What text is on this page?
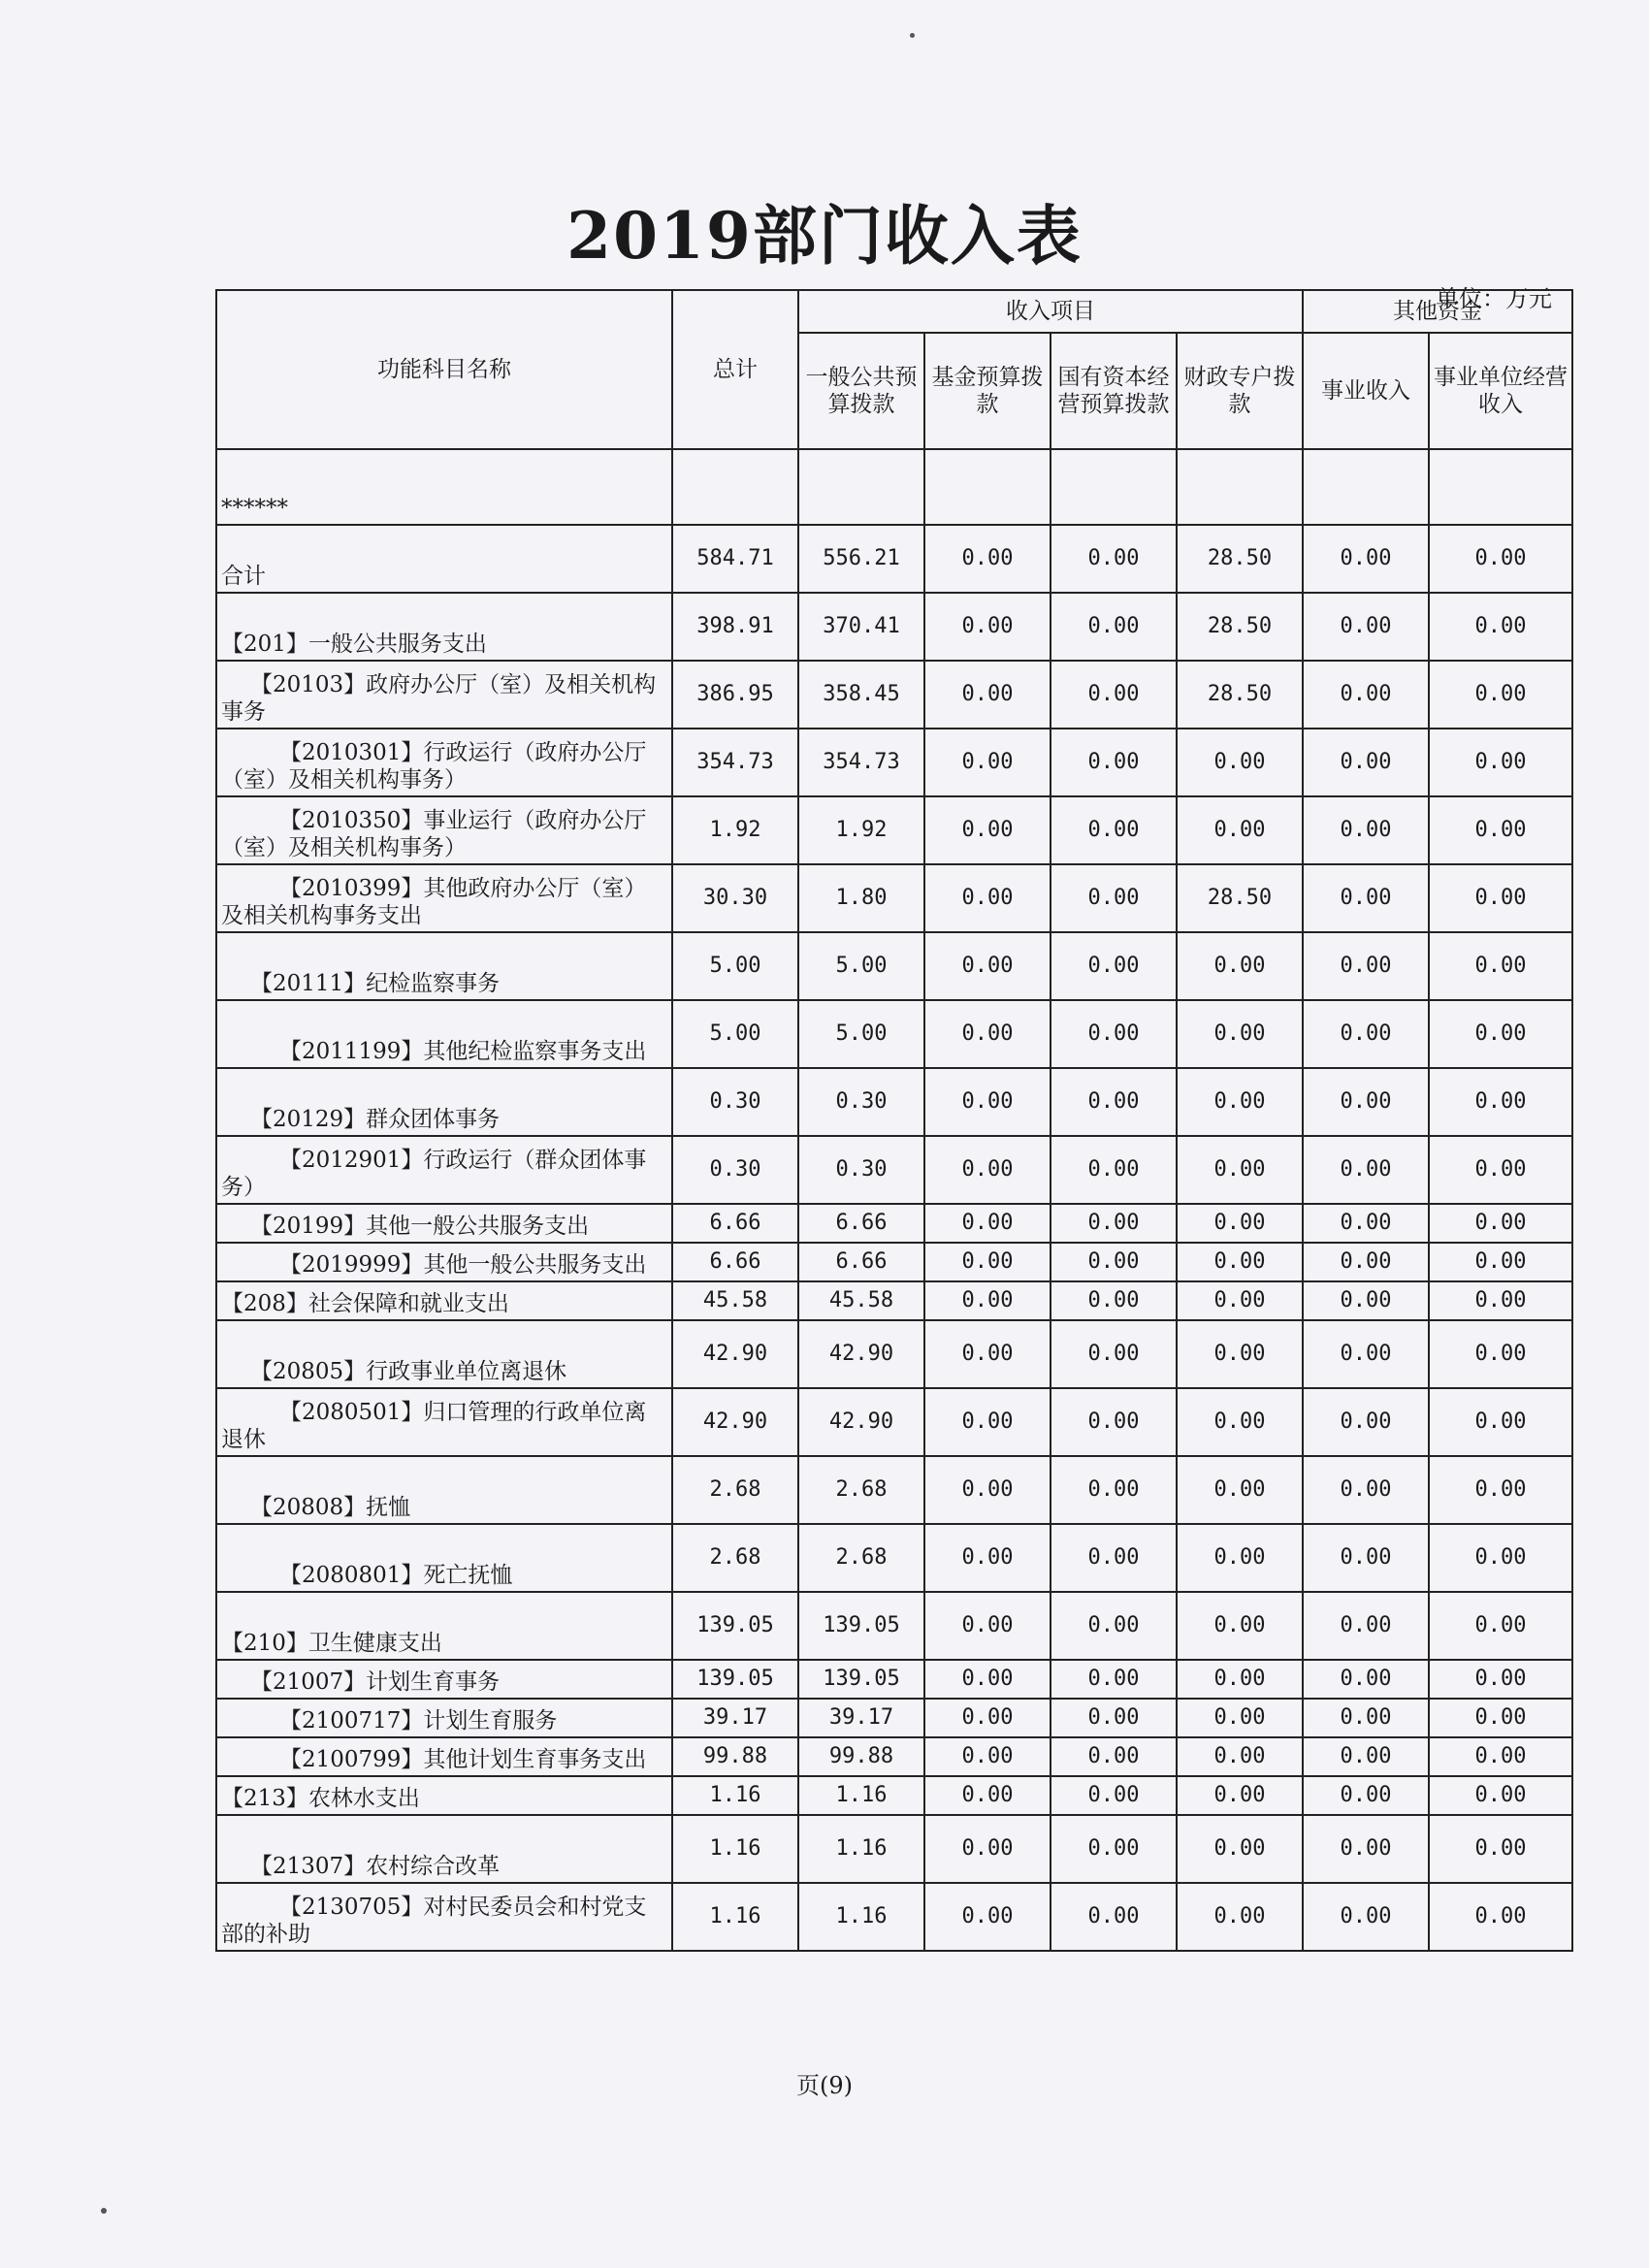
2019部门收入表
单位：万元
功能科目名称	总计	收入项目				其他资金	
		一般公共预算拨款	基金预算拨款	国有资本经营预算拨款	财政专户拨款	事业收入	事业单位经营收入
******							
合计	584.71	556.21	0.00	0.00	28.50	0.00	0.00
【201】一般公共服务支出	398.91	370.41	0.00	0.00	28.50	0.00	0.00
【20103】政府办公厅（室）及相关机构事务	386.95	358.45	0.00	0.00	28.50	0.00	0.00
【2010301】行政运行（政府办公厅（室）及相关机构事务）	354.73	354.73	0.00	0.00	0.00	0.00	0.00
【2010350】事业运行（政府办公厅（室）及相关机构事务）	1.92	1.92	0.00	0.00	0.00	0.00	0.00
【2010399】其他政府办公厅（室）及相关机构事务支出	30.30	1.80	0.00	0.00	28.50	0.00	0.00
【20111】纪检监察事务	5.00	5.00	0.00	0.00	0.00	0.00	0.00
【2011199】其他纪检监察事务支出	5.00	5.00	0.00	0.00	0.00	0.00	0.00
【20129】群众团体事务	0.30	0.30	0.00	0.00	0.00	0.00	0.00
【2012901】行政运行（群众团体事务）	0.30	0.30	0.00	0.00	0.00	0.00	0.00
【20199】其他一般公共服务支出	6.66	6.66	0.00	0.00	0.00	0.00	0.00
【2019999】其他一般公共服务支出	6.66	6.66	0.00	0.00	0.00	0.00	0.00
【208】社会保障和就业支出	45.58	45.58	0.00	0.00	0.00	0.00	0.00
【20805】行政事业单位离退休	42.90	42.90	0.00	0.00	0.00	0.00	0.00
【2080501】归口管理的行政单位离退休	42.90	42.90	0.00	0.00	0.00	0.00	0.00
【20808】抚恤	2.68	2.68	0.00	0.00	0.00	0.00	0.00
【2080801】死亡抚恤	2.68	2.68	0.00	0.00	0.00	0.00	0.00
【210】卫生健康支出	139.05	139.05	0.00	0.00	0.00	0.00	0.00
【21007】计划生育事务	139.05	139.05	0.00	0.00	0.00	0.00	0.00
【2100717】计划生育服务	39.17	39.17	0.00	0.00	0.00	0.00	0.00
【2100799】其他计划生育事务支出	99.88	99.88	0.00	0.00	0.00	0.00	0.00
【213】农林水支出	1.16	1.16	0.00	0.00	0.00	0.00	0.00
【21307】农村综合改革	1.16	1.16	0.00	0.00	0.00	0.00	0.00
【2130705】对村民委员会和村党支部的补助	1.16	1.16	0.00	0.00	0.00	0.00	0.00
页(9)
